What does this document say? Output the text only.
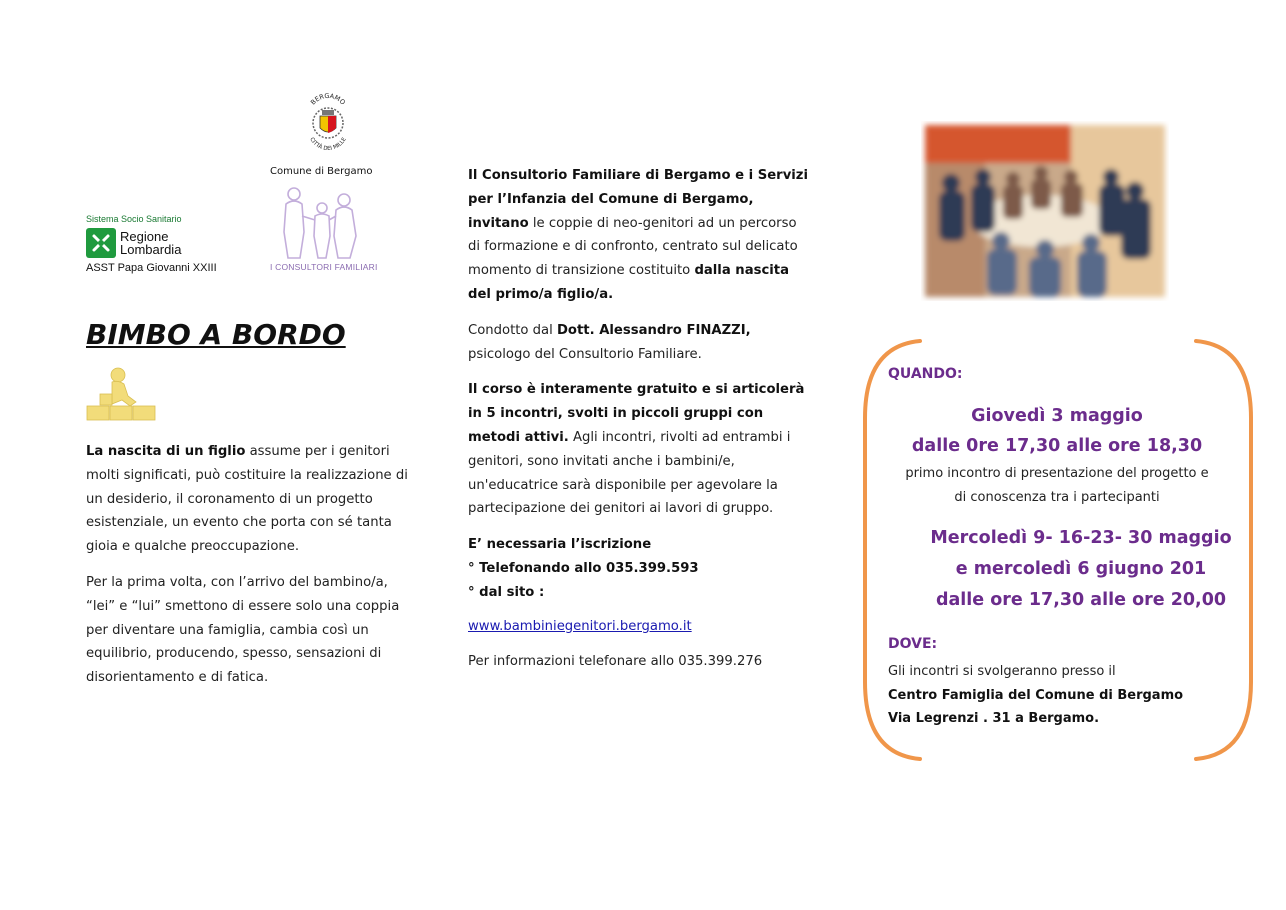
Sistema Socio Sanitario
Regione
Lombardia
ASST Papa Giovanni XXIII
BERGAMO
CITTÀ DEI MILLE
Comune di Bergamo
I CONSULTORI FAMILIARI
BIMBO A BORDO

La nascita di un figlio assume per i genitori molti significati, può costituire la realizzazione di un desiderio, il coronamento di un progetto esistenziale, un evento che porta con sé tanta gioia e qualche preoccupazione.

Per la prima volta, con l’arrivo del bambino/a, “lei” e “lui” smettono di essere solo una coppia per diventare una famiglia, cambia così un equilibrio, producendo, spesso, sensazioni di disorientamento e di fatica.

Il Consultorio Familiare di Bergamo e i Servizi per l’Infanzia del Comune di Bergamo, invitano le coppie di neo-genitori ad un percorso di formazione e di confronto, centrato sul delicato momento di transizione costituito dalla nascita del primo/a figlio/a.

Condotto dal Dott. Alessandro FINAZZI, psicologo del Consultorio Familiare.

Il corso è interamente gratuito e si articolerà in 5 incontri, svolti in piccoli gruppi con metodi attivi. Agli incontri, rivolti ad entrambi i genitori, sono invitati anche i bambini/e, un'educatrice sarà disponibile per agevolare la partecipazione dei genitori ai lavori di gruppo.

E’ necessaria l’iscrizione
° Telefonando allo 035.399.593
° dal sito :

www.bambiniegenitori.bergamo.it

Per informazioni telefonare allo 035.399.276

QUANDO:
Giovedì 3 maggio
dalle 0re 17,30 alle ore 18,30
primo incontro di presentazione del progetto e
di conoscenza tra i partecipanti
Mercoledì 9- 16-23- 30 maggio
e mercoledì 6 giugno 201
dalle ore 17,30 alle ore 20,00
DOVE:
Gli incontri si svolgeranno presso il
Centro Famiglia del Comune di Bergamo
Via Legrenzi . 31 a Bergamo.
